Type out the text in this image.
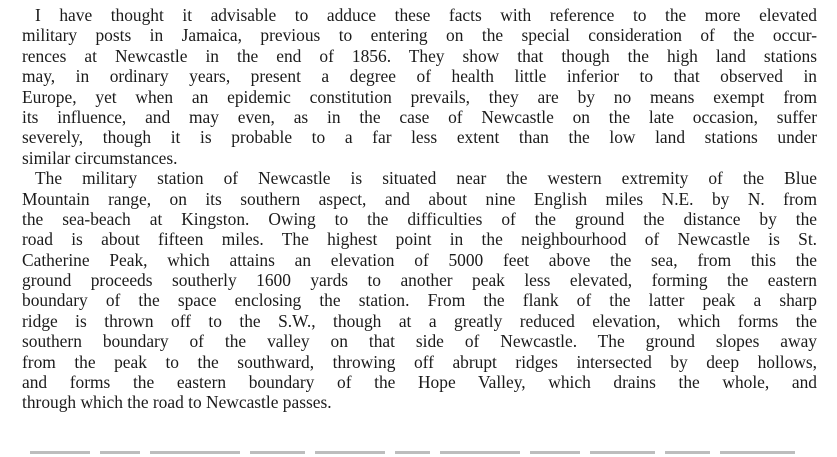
I have thought it advisable to adduce these facts with reference to the more elevated
military posts in Jamaica, previous to entering on the special consideration of the occur-
rences at Newcastle in the end of 1856. They show that though the high land stations
may, in ordinary years, present a degree of health little inferior to that observed in
Europe, yet when an epidemic constitution prevails, they are by no means exempt from
its influence, and may even, as in the case of Newcastle on the late occasion, suffer
severely, though it is probable to a far less extent than the low land stations under
similar circumstances.
The military station of Newcastle is situated near the western extremity of the Blue
Mountain range, on its southern aspect, and about nine English miles N.E. by N. from
the sea-beach at Kingston. Owing to the difficulties of the ground the distance by the
road is about fifteen miles. The highest point in the neighbourhood of Newcastle is St.
Catherine Peak, which attains an elevation of 5000 feet above the sea, from this the
ground proceeds southerly 1600 yards to another peak less elevated, forming the eastern
boundary of the space enclosing the station. From the flank of the latter peak a sharp
ridge is thrown off to the S.W., though at a greatly reduced elevation, which forms the
southern boundary of the valley on that side of Newcastle. The ground slopes away
from the peak to the southward, throwing off abrupt ridges intersected by deep hollows,
and forms the eastern boundary of the Hope Valley, which drains the whole, and
through which the road to Newcastle passes.
